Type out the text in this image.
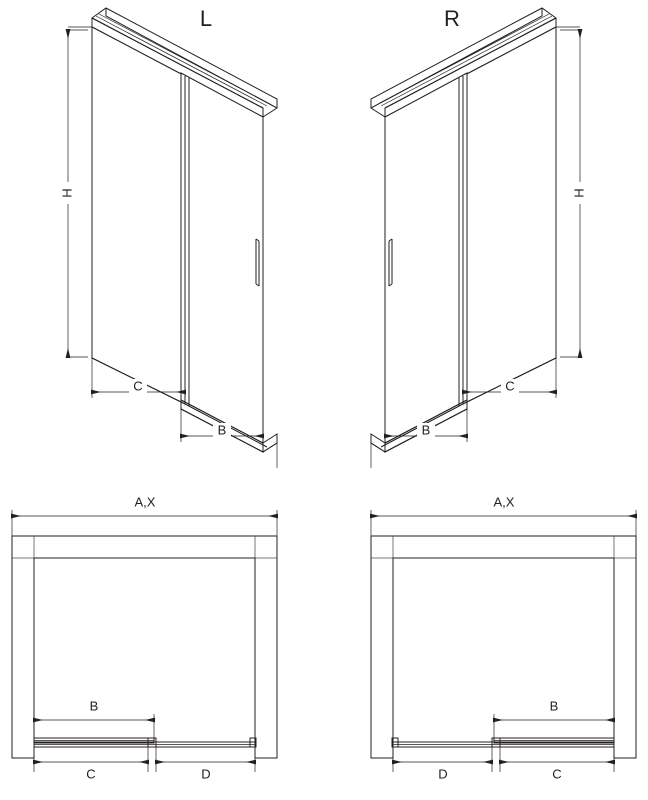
L
H
C
B
R
H
C
B
A,X
B
C	D
A,X
B
D	C
